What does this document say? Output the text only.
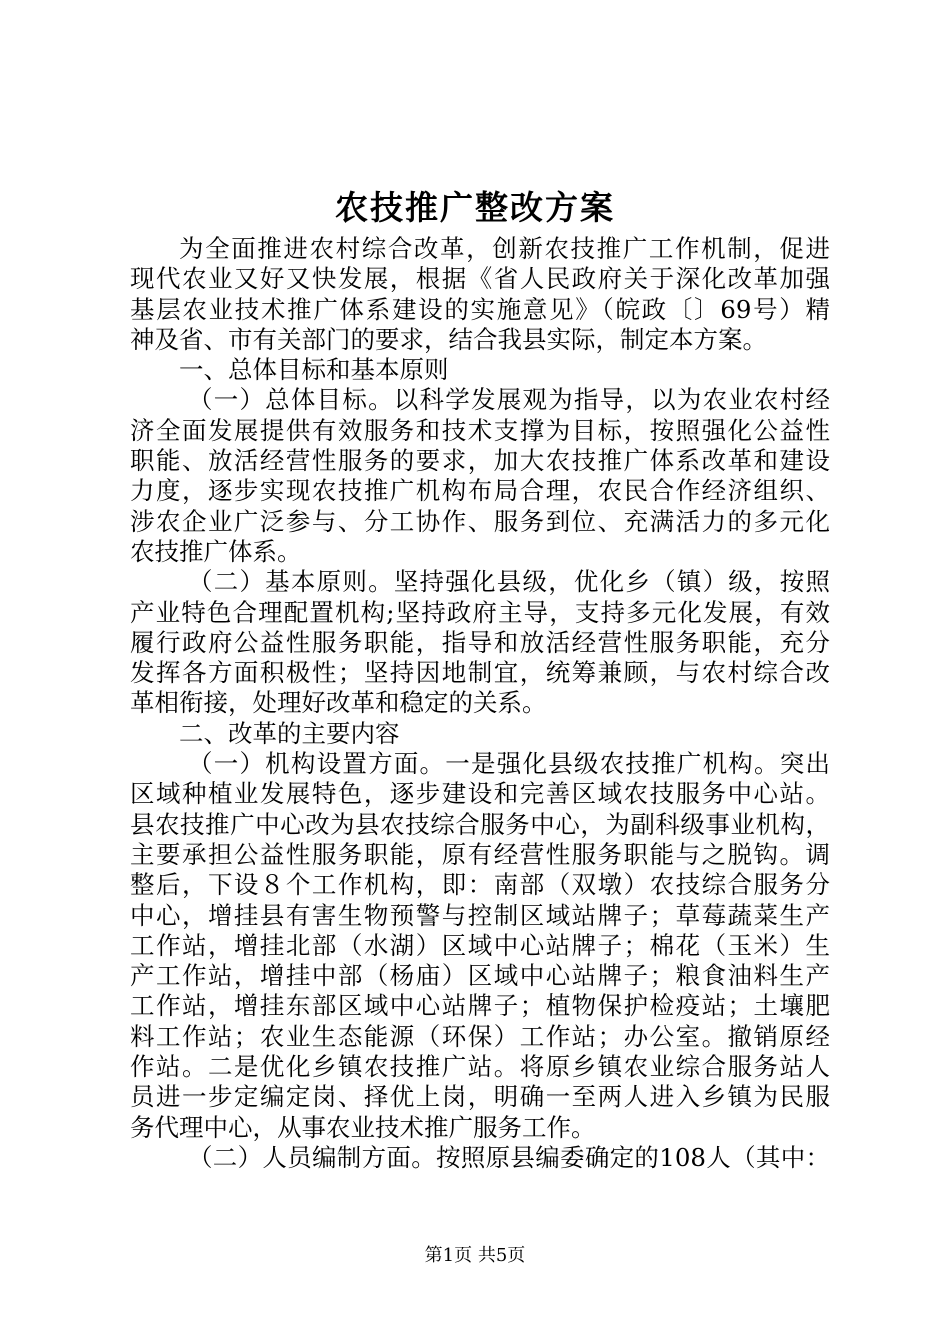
农技推广整改方案
为全面推进农村综合改革，创新农技推广工作机制，促进
现代农业又好又快发展，根据《省人民政府关于深化改革加强
基层农业技术推广体系建设的实施意见》（皖政〔〕69号）精
神及省、市有关部门的要求，结合我县实际，制定本方案。
一、总体目标和基本原则
（一）总体目标。以科学发展观为指导，以为农业农村经
济全面发展提供有效服务和技术支撑为目标，按照强化公益性
职能、放活经营性服务的要求，加大农技推广体系改革和建设
力度，逐步实现农技推广机构布局合理，农民合作经济组织、
涉农企业广泛参与、分工协作、服务到位、充满活力的多元化
农技推广体系。
（二）基本原则。坚持强化县级，优化乡（镇）级，按照
产业特色合理配置机构;坚持政府主导，支持多元化发展，有效
履行政府公益性服务职能，指导和放活经营性服务职能，充分
发挥各方面积极性；坚持因地制宜，统筹兼顾，与农村综合改
革相衔接，处理好改革和稳定的关系。
二、改革的主要内容
（一）机构设置方面。一是强化县级农技推广机构。突出
区域种植业发展特色，逐步建设和完善区域农技服务中心站。
县农技推广中心改为县农技综合服务中心，为副科级事业机构，
主要承担公益性服务职能，原有经营性服务职能与之脱钩。调
整后，下设８个工作机构，即：南部（双墩）农技综合服务分
中心，增挂县有害生物预警与控制区域站牌子；草莓蔬菜生产
工作站，增挂北部（水湖）区域中心站牌子；棉花（玉米）生
产工作站，增挂中部（杨庙）区域中心站牌子；粮食油料生产
工作站，增挂东部区域中心站牌子；植物保护检疫站；土壤肥
料工作站；农业生态能源（环保）工作站；办公室。撤销原经
作站。二是优化乡镇农技推广站。将原乡镇农业综合服务站人
员进一步定编定岗、择优上岗，明确一至两人进入乡镇为民服
务代理中心，从事农业技术推广服务工作。
（二）人员编制方面。按照原县编委确定的108人（其中：
第1页 共5页
